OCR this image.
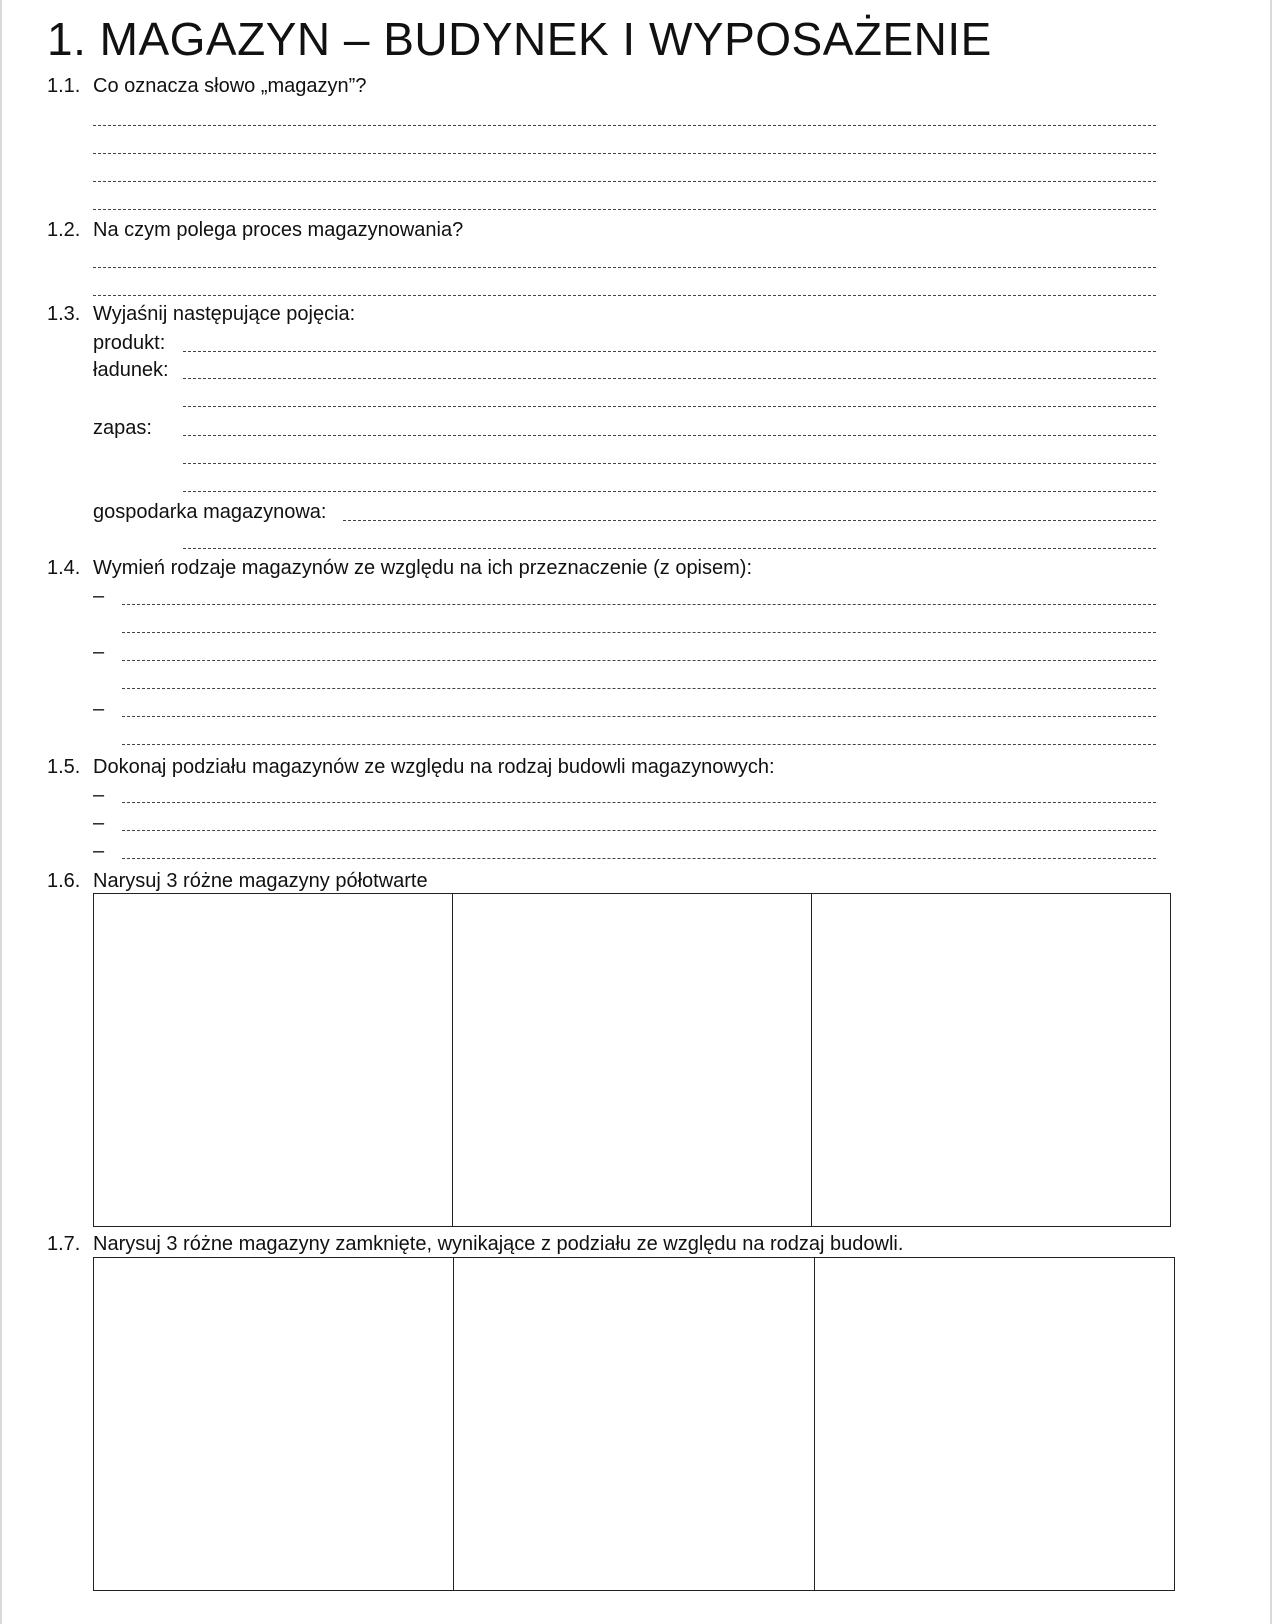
1. MAGAZYN – BUDYNEK I WYPOSAŻENIE
1.1. Co oznacza słowo „magazyn”?
1.2. Na czym polega proces magazynowania?
1.3. Wyjaśnij następujące pojęcia:
produkt:
ładunek:
zapas:
gospodarka magazynowa:
1.4. Wymień rodzaje magazynów ze względu na ich przeznaczenie (z opisem):
–
–
–
1.5. Dokonaj podziału magazynów ze względu na rodzaj budowli magazynowych:
–
–
–
1.6. Narysuj 3 różne magazyny półotwarte
1.7. Narysuj 3 różne magazyny zamknięte, wynikające z podziału ze względu na rodzaj budowli.
